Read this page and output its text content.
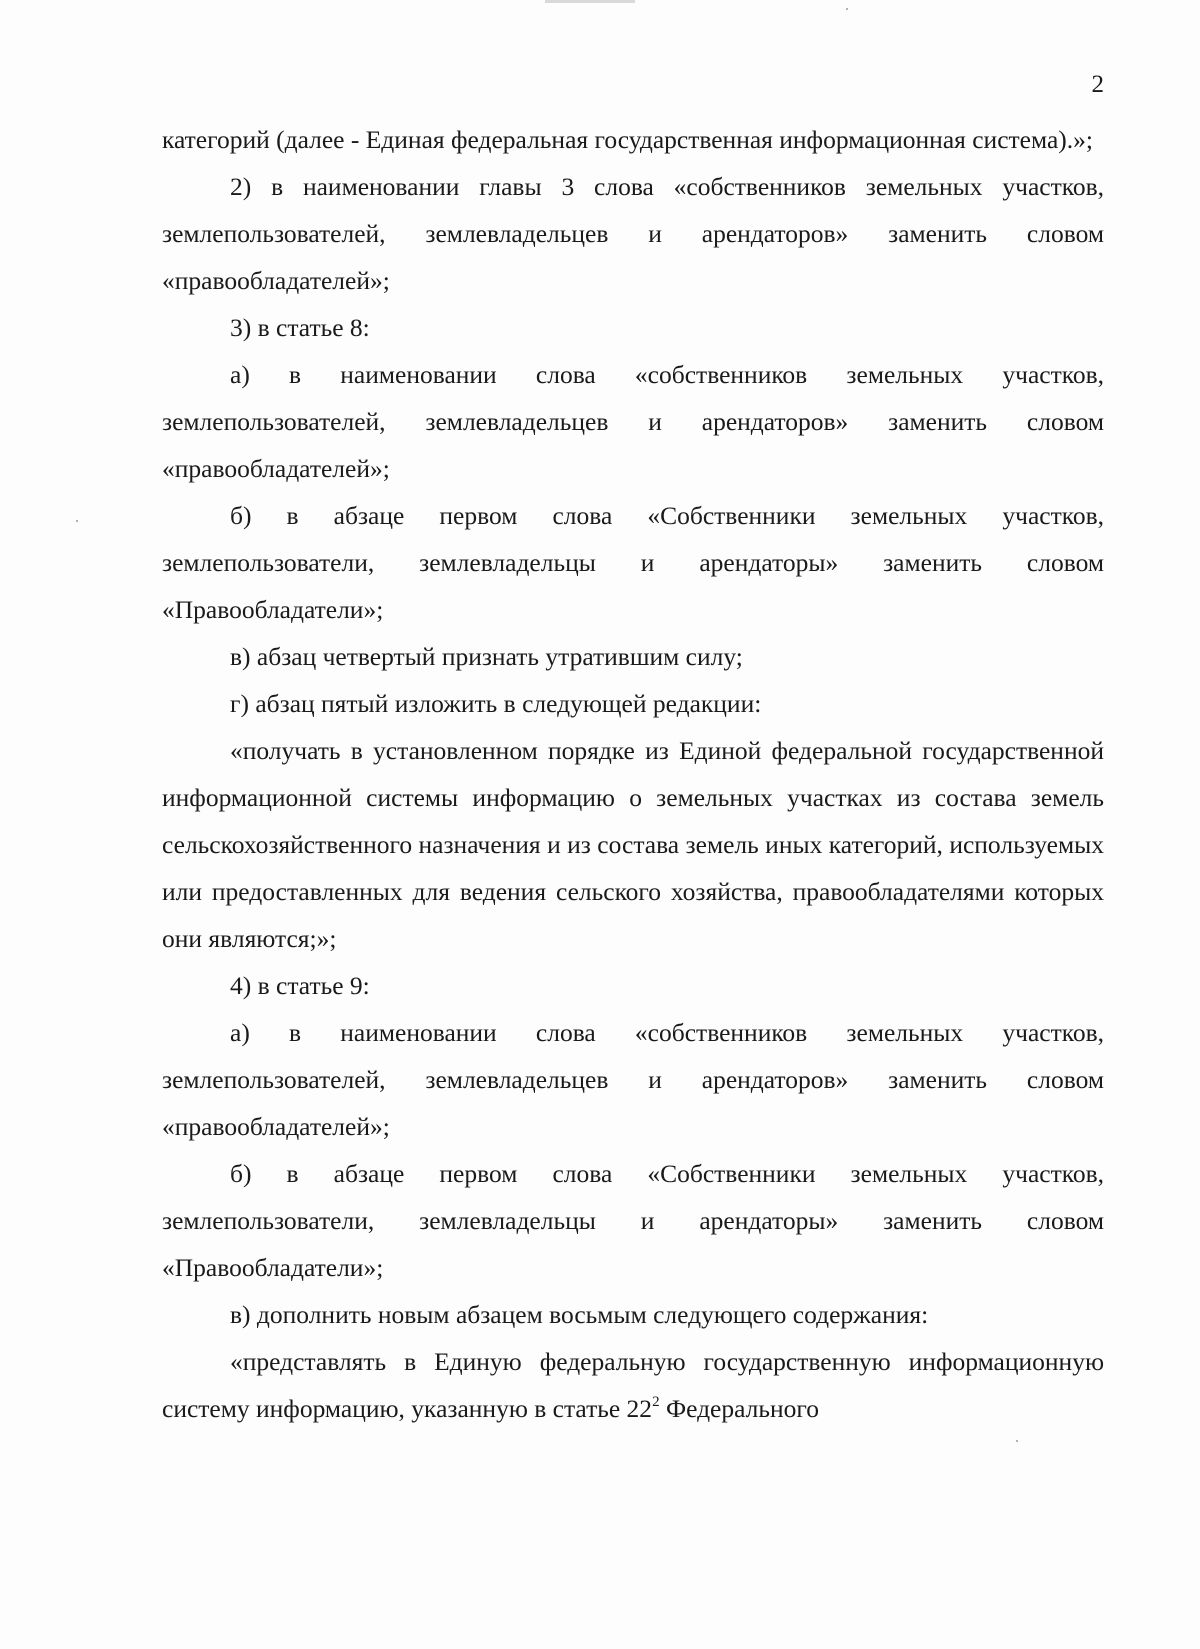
2

категорий (далее - Единая федеральная государственная информационная система).»;

2) в наименовании главы 3 слова «собственников земельных участков, землепользователей, землевладельцев и арендаторов» заменить словом «правообладателей»;

3) в статье 8:

а) в наименовании слова «собственников земельных участков, землепользователей, землевладельцев и арендаторов» заменить словом «правообладателей»;

б) в абзаце первом слова «Собственники земельных участков, землепользователи, землевладельцы и арендаторы» заменить словом «Правообладатели»;

в) абзац четвертый признать утратившим силу;

г) абзац пятый изложить в следующей редакции:

«получать в установленном порядке из Единой федеральной государственной информационной системы информацию о земельных участках из состава земель сельскохозяйственного назначения и из состава земель иных категорий, используемых или предоставленных для ведения сельского хозяйства, правообладателями которых они являются;»;

4) в статье 9:

а) в наименовании слова «собственников земельных участков, землепользователей, землевладельцев и арендаторов» заменить словом «правообладателей»;

б) в абзаце первом слова «Собственники земельных участков, землепользователи, землевладельцы и арендаторы» заменить словом «Правообладатели»;

в) дополнить новым абзацем восьмым следующего содержания:

«представлять в Единую федеральную государственную информационную систему информацию, указанную в статье $22^2$ Федерального
